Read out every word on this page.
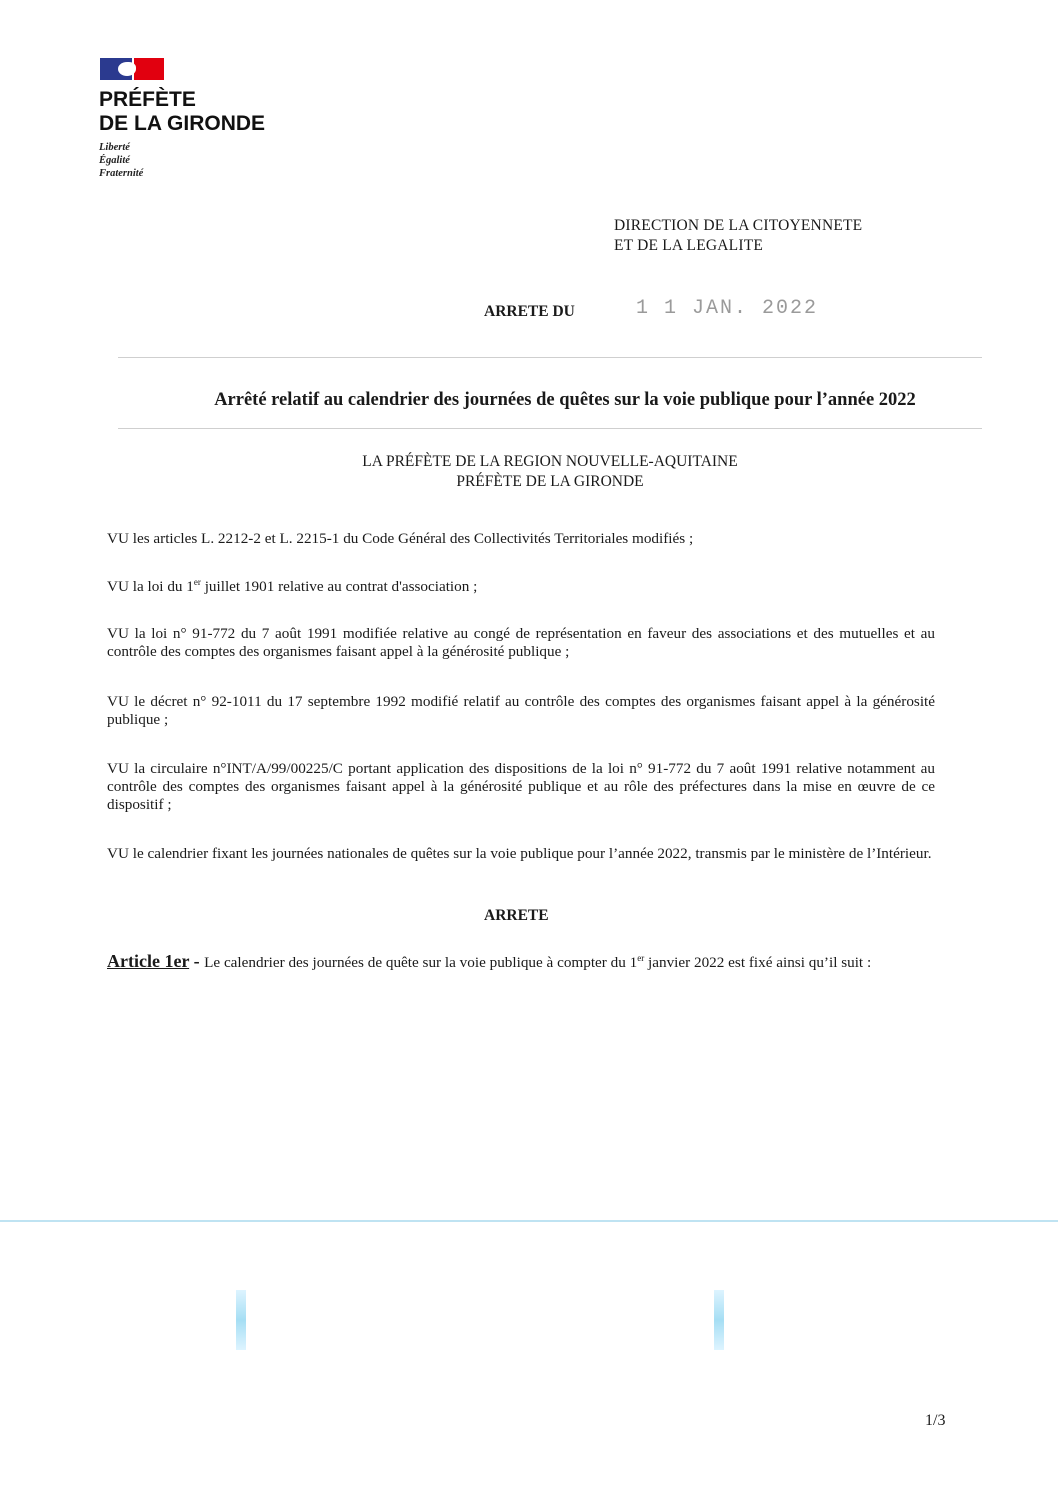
PRÉFÈTE
DE LA GIRONDE
Liberté
Égalité
Fraternité
DIRECTION DE LA CITOYENNETE
ET DE LA LEGALITE
ARRETE DU	1 1 JAN. 2022
Arrêté relatif au calendrier des journées de quêtes sur la voie publique pour l’année 2022
LA PRÉFÈTE DE LA REGION NOUVELLE-AQUITAINE
PRÉFÈTE DE LA GIRONDE
VU les articles L. 2212-2 et L. 2215-1 du Code Général des Collectivités Territoriales modifiés ;
VU la loi du 1er juillet 1901 relative au contrat d'association ;
VU la loi n° 91-772 du 7 août 1991 modifiée relative au congé de représentation en faveur des associations et des mutuelles et au contrôle des comptes des organismes faisant appel à la générosité publique ;
VU le décret n° 92-1011 du 17 septembre 1992 modifié relatif au contrôle des comptes des organismes faisant appel à la générosité publique ;
VU la circulaire n°INT/A/99/00225/C portant application des dispositions de la loi n° 91-772 du 7 août 1991 relative notamment au contrôle des comptes des organismes faisant appel à la générosité publique et au rôle des préfectures dans la mise en œuvre de ce dispositif ;
VU le calendrier fixant les journées nationales de quêtes sur la voie publique pour l’année 2022, transmis par le ministère de l’Intérieur.
ARRETE
Article 1er - Le calendrier des journées de quête sur la voie publique à compter du 1er janvier 2022 est fixé ainsi qu’il suit :
1/3
